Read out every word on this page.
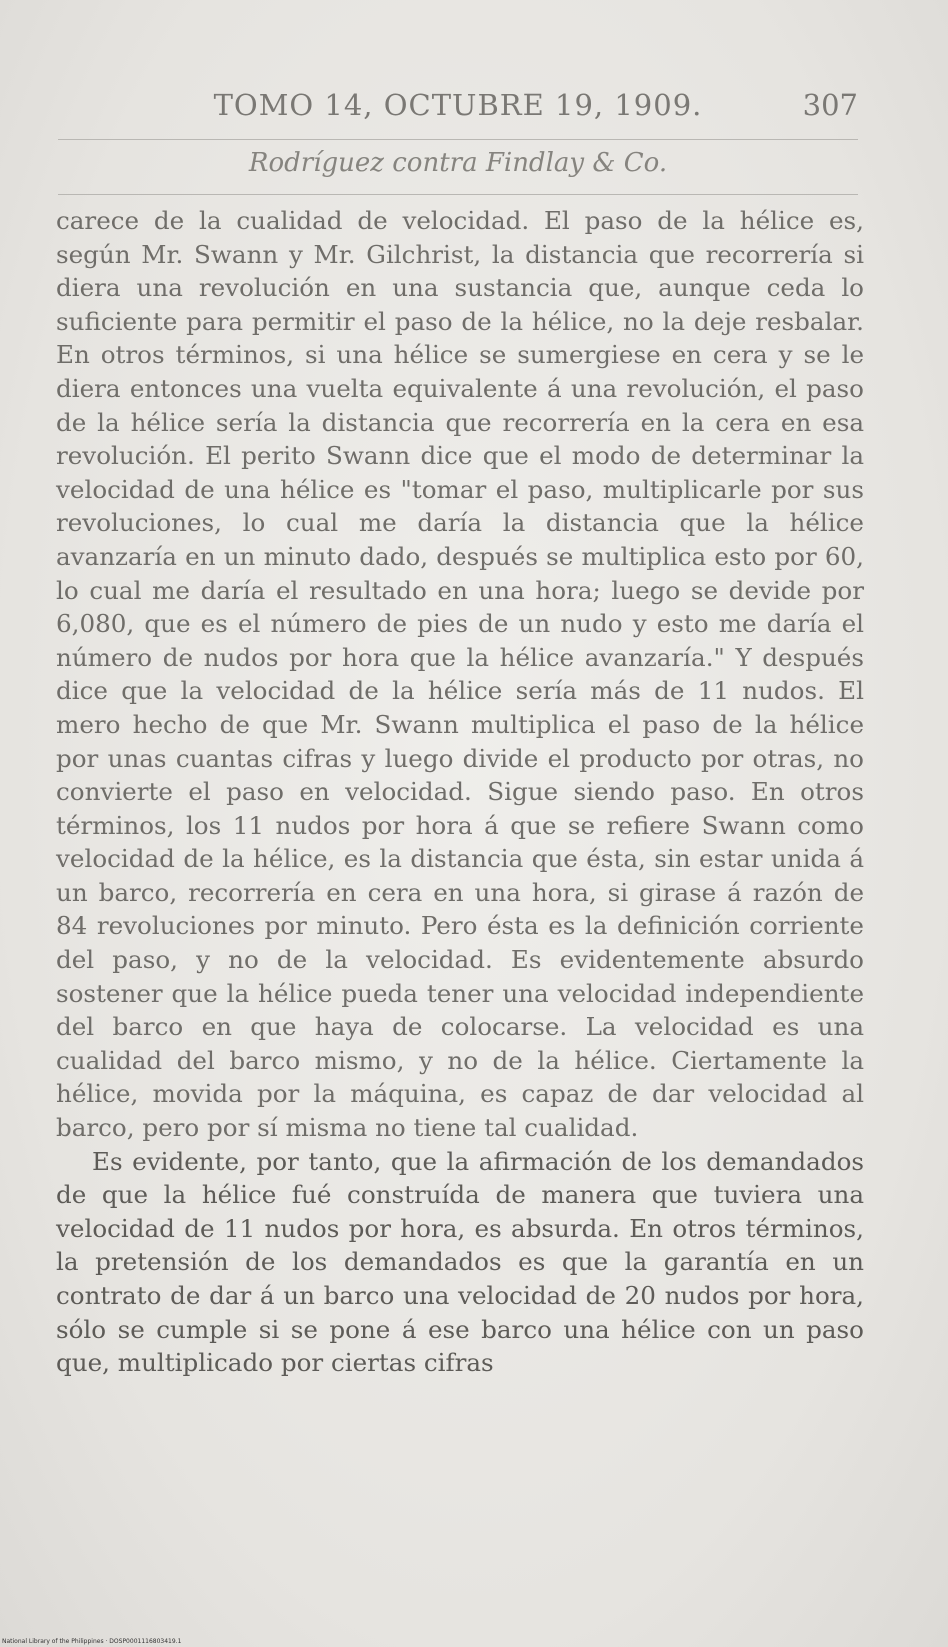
TOMO 14, OCTUBRE 19, 1909.	307
Rodríguez contra Findlay & Co.

carece de la cualidad de velocidad. El paso de la hélice es, según Mr. Swann y Mr. Gilchrist, la distancia que recorrería si diera una revolución en una sustancia que, aunque ceda lo suficiente para permitir el paso de la hélice, no la deje resbalar. En otros términos, si una hélice se sumergiese en cera y se le diera entonces una vuelta equivalente á una revolución, el paso de la hélice sería la distancia que recorrería en la cera en esa revolución. El perito Swann dice que el modo de determinar la velocidad de una hélice es "tomar el paso, multiplicarle por sus revoluciones, lo cual me daría la distancia que la hélice avanzaría en un minuto dado, después se multiplica esto por 60, lo cual me daría el resultado en una hora; luego se devide por 6,080, que es el número de pies de un nudo y esto me daría el número de nudos por hora que la hélice avanzaría." Y después dice que la velocidad de la hélice sería más de 11 nudos. El mero hecho de que Mr. Swann multiplica el paso de la hélice por unas cuantas cifras y luego divide el producto por otras, no convierte el paso en velocidad. Sigue siendo paso. En otros términos, los 11 nudos por hora á que se refiere Swann como velocidad de la hélice, es la distancia que ésta, sin estar unida á un barco, recorrería en cera en una hora, si girase á razón de 84 revoluciones por minuto. Pero ésta es la definición corriente del paso, y no de la velocidad. Es evidentemente absurdo sostener que la hélice pueda tener una velocidad independiente del barco en que haya de colocarse. La velocidad es una cualidad del barco mismo, y no de la hélice. Ciertamente la hélice, movida por la máquina, es capaz de dar velocidad al barco, pero por sí misma no tiene tal cualidad.

Es evidente, por tanto, que la afirmación de los demandados de que la hélice fué construída de manera que tuviera una velocidad de 11 nudos por hora, es absurda. En otros términos, la pretensión de los demandados es que la garantía en un contrato de dar á un barco una velocidad de 20 nudos por hora, sólo se cumple si se pone á ese barco una hélice con un paso que, multiplicado por ciertas cifras

National Library of the Philippines · DOSP0001116803419.1
